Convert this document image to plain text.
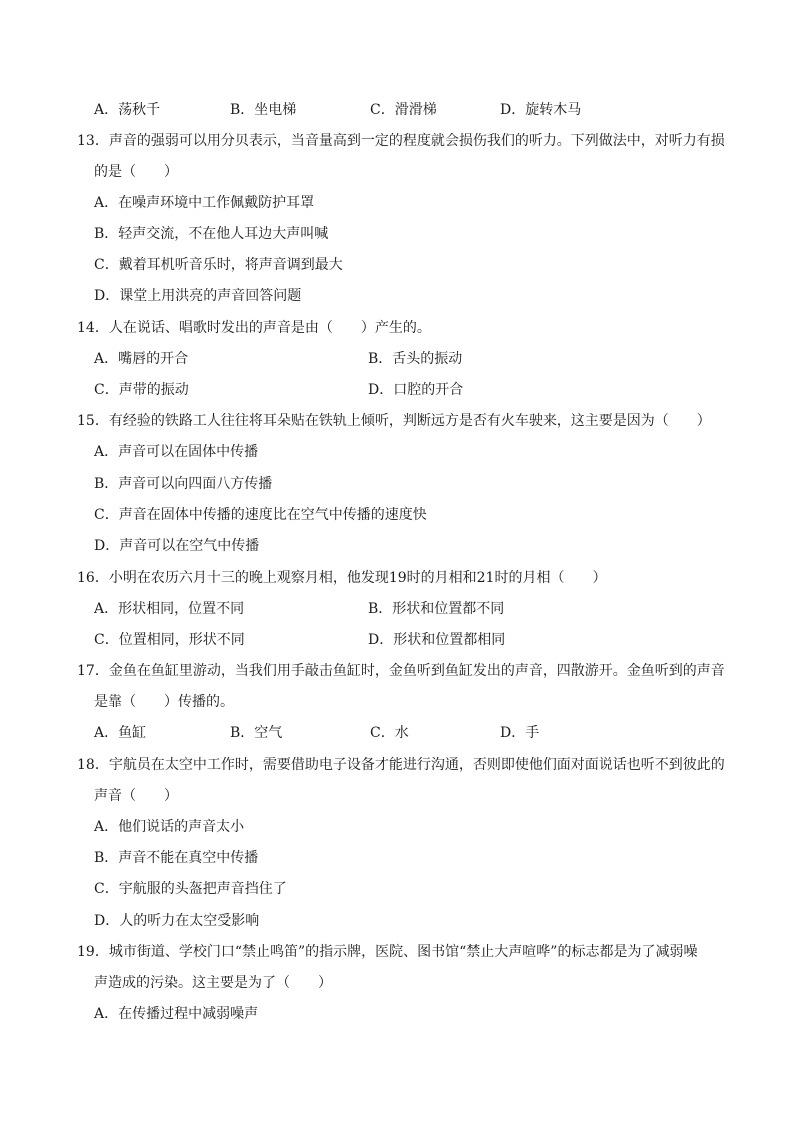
A．荡秋千	B．坐电梯	C．滑滑梯	D．旋转木马
13．声音的强弱可以用分贝表示，当音量高到一定的程度就会损伤我们的听力。下列做法中，对听力有损
的是（　　）
A．在噪声环境中工作佩戴防护耳罩
B．轻声交流，不在他人耳边大声叫喊
C．戴着耳机听音乐时，将声音调到最大
D．课堂上用洪亮的声音回答问题
14．人在说话、唱歌时发出的声音是由（　　）产生的。
A．嘴唇的开合	B．舌头的振动
C．声带的振动	D．口腔的开合
15．有经验的铁路工人往往将耳朵贴在铁轨上倾听，判断远方是否有火车驶来，这主要是因为（　　）
A．声音可以在固体中传播
B．声音可以向四面八方传播
C．声音在固体中传播的速度比在空气中传播的速度快
D．声音可以在空气中传播
16．小明在农历六月十三的晚上观察月相，他发现19时的月相和21时的月相（　　）
A．形状相同，位置不同	B．形状和位置都不同
C．位置相同，形状不同	D．形状和位置都相同
17．金鱼在鱼缸里游动，当我们用手敲击鱼缸时，金鱼听到鱼缸发出的声音，四散游开。金鱼听到的声音
是靠（　　）传播的。
A．鱼缸	B．空气	C．水	D．手
18．宇航员在太空中工作时，需要借助电子设备才能进行沟通，否则即使他们面对面说话也听不到彼此的
声音（　　）
A．他们说话的声音太小
B．声音不能在真空中传播
C．宇航服的头盔把声音挡住了
D．人的听力在太空受影响
19．城市街道、学校门口“禁止鸣笛”的指示牌，医院、图书馆“禁止大声喧哗”的标志都是为了减弱噪
声造成的污染。这主要是为了（　　）
A．在传播过程中减弱噪声
